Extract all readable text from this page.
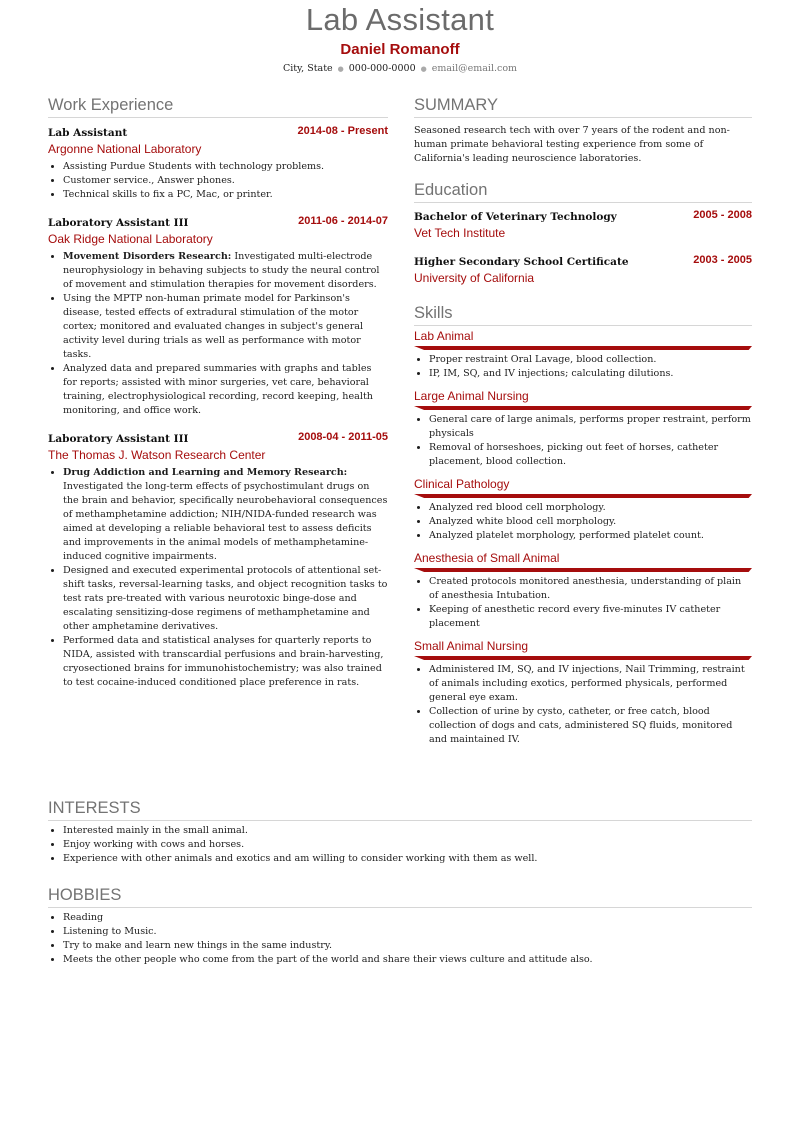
Lab Assistant
Daniel Romanoff
City, State ● 000-000-0000 ● email@email.com
Work Experience
Lab Assistant	2014-08 - Present
Argonne National Laboratory
• Assisting Purdue Students with technology problems.
• Customer service., Answer phones.
• Technical skills to fix a PC, Mac, or printer.
Laboratory Assistant III	2011-06 - 2014-07
Oak Ridge National Laboratory
• Movement Disorders Research: Investigated multi-electrode neurophysiology in behaving subjects to study the neural control of movement and stimulation therapies for movement disorders.
• Using the MPTP non-human primate model for Parkinson's disease, tested effects of extradural stimulation of the motor cortex; monitored and evaluated changes in subject's general activity level during trials as well as performance with motor tasks.
• Analyzed data and prepared summaries with graphs and tables for reports; assisted with minor surgeries, vet care, behavioral training, electrophysiological recording, record keeping, health monitoring, and office work.
Laboratory Assistant III	2008-04 - 2011-05
The Thomas J. Watson Research Center
• Drug Addiction and Learning and Memory Research: Investigated the long-term effects of psychostimulant drugs on the brain and behavior, specifically neurobehavioral consequences of methamphetamine addiction; NIH/NIDA-funded research was aimed at developing a reliable behavioral test to assess deficits and improvements in the animal models of methamphetamine-induced cognitive impairments.
• Designed and executed experimental protocols of attentional set-shift tasks, reversal-learning tasks, and object recognition tasks to test rats pre-treated with various neurotoxic binge-dose and escalating sensitizing-dose regimens of methamphetamine and other amphetamine derivatives.
• Performed data and statistical analyses for quarterly reports to NIDA, assisted with transcardial perfusions and brain-harvesting, cryosectioned brains for immunohistochemistry; was also trained to test cocaine-induced conditioned place preference in rats.
SUMMARY
Seasoned research tech with over 7 years of the rodent and non-human primate behavioral testing experience from some of California's leading neuroscience laboratories.
Education
Bachelor of Veterinary Technology	2005 - 2008
Vet Tech Institute
Higher Secondary School Certificate	2003 - 2005
University of California
Skills
Lab Animal
• Proper restraint Oral Lavage, blood collection.
• IP, IM, SQ, and IV injections; calculating dilutions.
Large Animal Nursing
• General care of large animals, performs proper restraint, perform physicals
• Removal of horseshoes, picking out feet of horses, catheter placement, blood collection.
Clinical Pathology
• Analyzed red blood cell morphology.
• Analyzed white blood cell morphology.
• Analyzed platelet morphology, performed platelet count.
Anesthesia of Small Animal
• Created protocols monitored anesthesia, understanding of plain of anesthesia Intubation.
• Keeping of anesthetic record every five-minutes IV catheter placement
Small Animal Nursing
• Administered IM, SQ, and IV injections, Nail Trimming, restraint of animals including exotics, performed physicals, performed general eye exam.
• Collection of urine by cysto, catheter, or free catch, blood collection of dogs and cats, administered SQ fluids, monitored and maintained IV.
INTERESTS
• Interested mainly in the small animal.
• Enjoy working with cows and horses.
• Experience with other animals and exotics and am willing to consider working with them as well.
HOBBIES
• Reading
• Listening to Music.
• Try to make and learn new things in the same industry.
• Meets the other people who come from the part of the world and share their views culture and attitude also.
